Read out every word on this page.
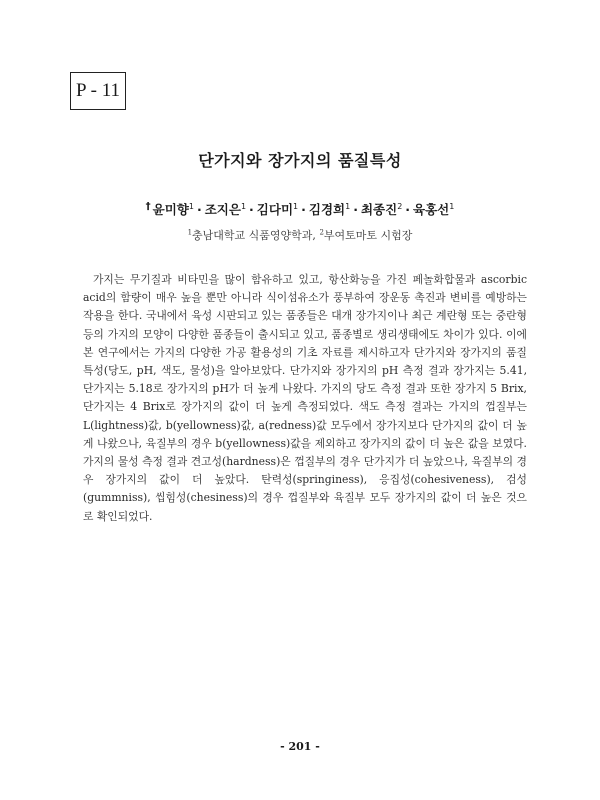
P - 11
단가지와 장가지의 품질특성
† 윤미향$^1$ · 조지은$^1$ · 김다미$^1$ · 김경희$^1$ · 최종진$^2$ · 육홍선$^1$
$^1$충남대학교 식품영양학과, $^2$부여토마토 시험장

가지는 무기질과 비타민을 많이 함유하고 있고, 항산화능을 가진 페놀화합물과 ascorbic acid의 함량이 매우 높을 뿐만 아니라 식이섬유소가 풍부하여 장운동 촉진과 변비를 예방하는 작용을 한다. 국내에서 육성 시판되고 있는 품종들은 대개 장가지이나 최근 계란형 또는 중란형 등의 가지의 모양이 다양한 품종들이 출시되고 있고, 품종별로 생리생태에도 차이가 있다. 이에 본 연구에서는 가지의 다양한 가공 활용성의 기초 자료를 제시하고자 단가지와 장가지의 품질 특성(당도, pH, 색도, 물성)을 알아보았다. 단가지와 장가지의 pH 측정 결과 장가지는 5.41, 단가지는 5.18로 장가지의 pH가 더 높게 나왔다. 가지의 당도 측정 결과 또한 장가지 5 Brix, 단가지는 4 Brix로 장가지의 값이 더 높게 측정되었다. 색도 측정 결과는 가지의 껍질부는 L(lightness)값, b(yellowness)값, a(redness)값 모두에서 장가지보다 단가지의 값이 더 높게 나왔으나, 육질부의 경우 b(yellowness)값을 제외하고 장가지의 값이 더 높은 값을 보였다. 가지의 물성 측정 결과 견고성(hardness)은 껍질부의 경우 단가지가 더 높았으나, 육질부의 경우 장가지의 값이 더 높았다. 탄력성(springiness), 응집성(cohesiveness), 검성(gummniss), 씹힘성(chesiness)의 경우 껍질부와 육질부 모두 장가지의 값이 더 높은 것으로 확인되었다.

- 201 -
